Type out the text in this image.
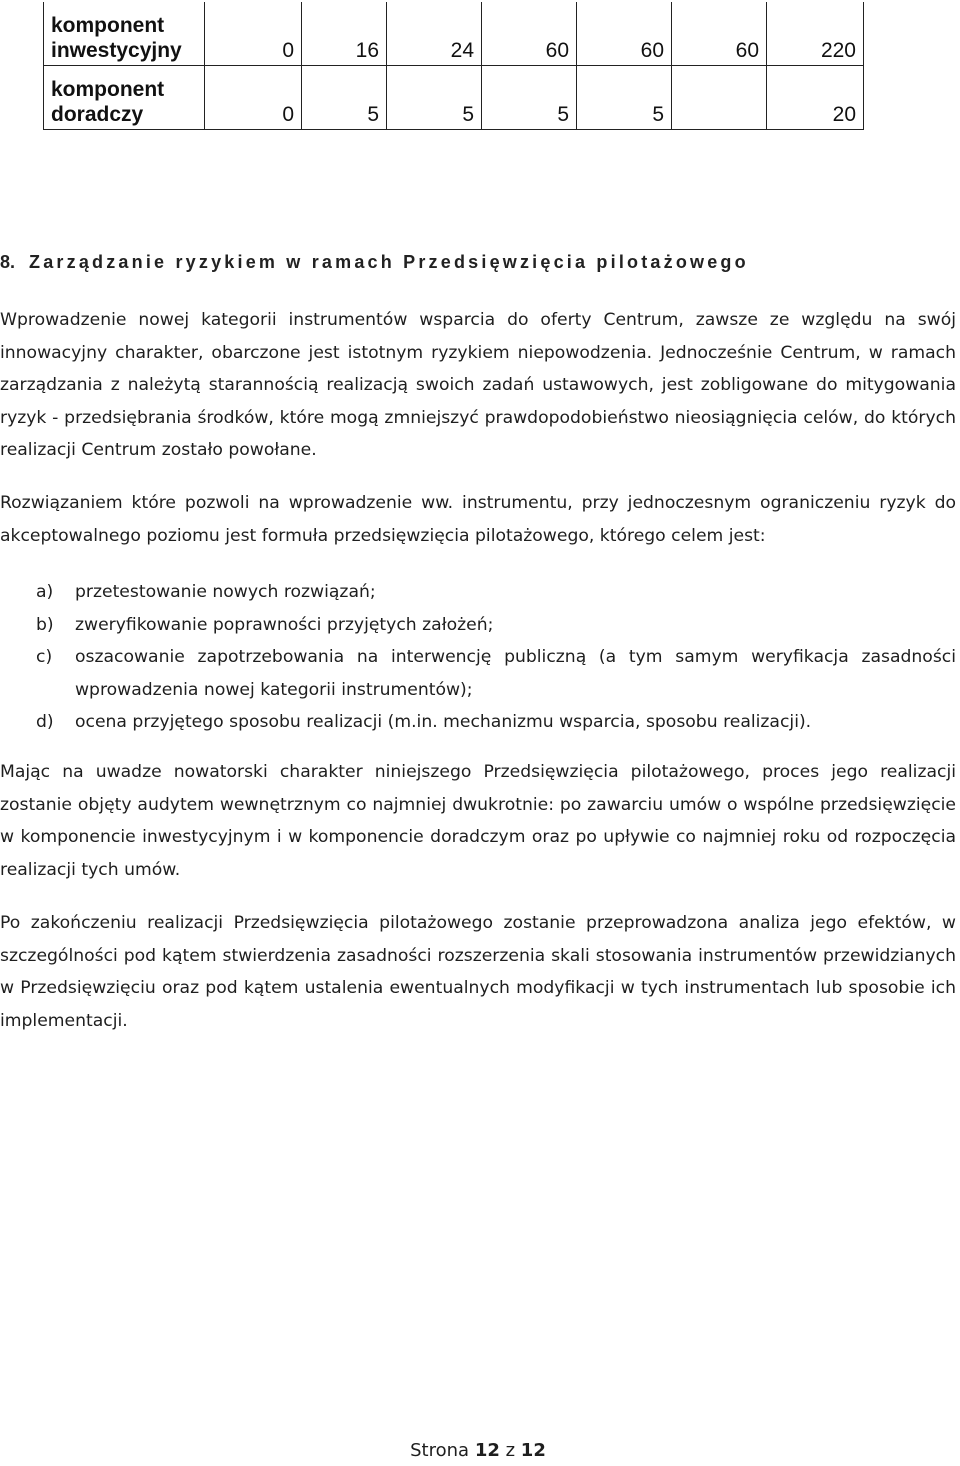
komponent inwestycyjny	0	16	24	60	60	60	220
komponent doradczy	0	5	5	5	5		20
8. Zarządzanie ryzykiem w ramach Przedsięwzięcia pilotażowego

Wprowadzenie nowej kategorii instrumentów wsparcia do oferty Centrum, zawsze ze względu na swój innowacyjny charakter, obarczone jest istotnym ryzykiem niepowodzenia. Jednocześnie Centrum, w ramach zarządzania z należytą starannością realizacją swoich zadań ustawowych, jest zobligowane do mitygowania ryzyk - przedsiębrania środków, które mogą zmniejszyć prawdopodobieństwo nieosiągnięcia celów, do których realizacji Centrum zostało powołane.

Rozwiązaniem które pozwoli na wprowadzenie ww. instrumentu, przy jednoczesnym ograniczeniu ryzyk do akceptowalnego poziomu jest formuła przedsięwzięcia pilotażowego, którego celem jest:

a)	przetestowanie nowych rozwiązań;
b)	zweryfikowanie poprawności przyjętych założeń;
c)	oszacowanie zapotrzebowania na interwencję publiczną (a tym samym weryfikacja zasadności wprowadzenia nowej kategorii instrumentów);
d)	ocena przyjętego sposobu realizacji (m.in. mechanizmu wsparcia, sposobu realizacji).

Mając na uwadze nowatorski charakter niniejszego Przedsięwzięcia pilotażowego, proces jego realizacji zostanie objęty audytem wewnętrznym co najmniej dwukrotnie: po zawarciu umów o wspólne przedsięwzięcie w komponencie inwestycyjnym i w komponencie doradczym oraz po upływie co najmniej roku od rozpoczęcia realizacji tych umów.

Po zakończeniu realizacji Przedsięwzięcia pilotażowego zostanie przeprowadzona analiza jego efektów, w szczególności pod kątem stwierdzenia zasadności rozszerzenia skali stosowania instrumentów przewidzianych w Przedsięwzięciu oraz pod kątem ustalenia ewentualnych modyfikacji w tych instrumentach lub sposobie ich implementacji.

Strona 12 z 12
